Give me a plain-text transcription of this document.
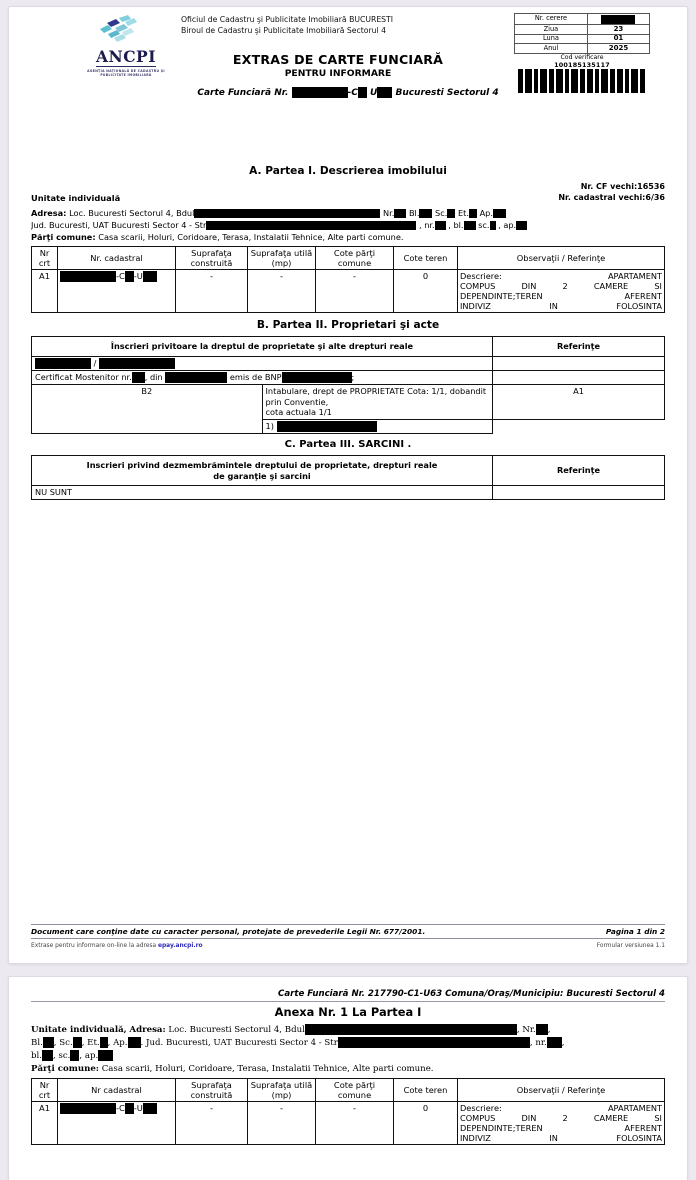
ANCPI
AGENŢIA NAŢIONALĂ DE CADASTRU ŞI PUBLICITATE IMOBILIARĂ
Oficiul de Cadastru şi Publicitate Imobiliară BUCURESTI
Biroul de Cadastru şi Publicitate Imobiliară Sectorul 4
EXTRAS DE CARTE FUNCIARĂ
PENTRU INFORMARE
Carte Funciară Nr.	-C U Bucuresti Sectorul 4
Nr. cerere	

Ziua	23
Luna	01
Anul	2025
Cod verificare
100185135117
A. Partea I. Descrierea imobilului
Nr. CF vechi:16536
Nr. cadastral vechi:6/36
Unitate individuală
Adresa: Loc. Bucuresti Sectorul 4, Bdul	Nr. Bl. Sc. Et. Ap.
Jud. Bucuresti, UAT Bucuresti Sector 4 - Str	, nr. , bl. sc. , ap.
Părţi comune: Casa scarii, Holuri, Coridoare, Terasa, Instalatii Tehnice, Alte parti comune.
Nr crt	Nr. cadastral	Suprafaţa construită	Suprafaţa utilă (mp)	Cote părţi comune	Cote teren	Observaţii / Referinţe
A1	-C -U	-	-	-	0	Descriere:	APARTAMENT
COMPUS	DIN	2	CAMERE	SI
DEPENDINTE;TEREN	AFERENT
INDIVIZ	IN	FOLOSINTA
B. Partea II. Proprietari şi acte
Înscrieri privitoare la dreptul de proprietate şi alte drepturi reale		Referinţe
/		
Certificat Mostenitor nr. , din emis de BNP ;		
B2	Intabulare, drept de PROPRIETATE Cota: 1/1, dobandit prin Conventie,
cota actuala 1/1	A1
	1)	
C. Partea III. SARCINI .
Inscrieri privind dezmembrămintele dreptului de proprietate, drepturi reale
de garanţie şi sarcini	Referinţe
NU SUNT	
Document care conţine date cu caracter personal, protejate de prevederile Legii Nr. 677/2001.	Pagina 1 din 2
Extrase pentru informare on-line la adresa epay.ancpi.ro	Formular versiunea 1.1
Carte Funciară Nr. 217790-C1-U63 Comuna/Oraş/Municipiu: Bucuresti Sectorul 4
Anexa Nr. 1 La Partea I
Unitate individuală, Adresa: Loc. Bucuresti Sectorul 4, Bdul	, Nr. ,
Bl. , Sc. , Et. , Ap. . Jud. Bucuresti, UAT Bucuresti Sector 4 - Str	, nr. ,
bl. , sc. , ap.
Părţi comune: Casa scarii, Holuri, Coridoare, Terasa, Instalatii Tehnice, Alte parti comune.
Nr crt	Nr cadastral	Suprafaţa construită	Suprafaţa utilă (mp)	Cote părţi comune	Cote teren	Observaţii / Referinţe
A1	-C -U	-	-	-	0	Descriere:	APARTAMENT
COMPUS	DIN	2	CAMERE	SI
DEPENDINTE;TEREN	AFERENT
INDIVIZ	IN	FOLOSINTA
